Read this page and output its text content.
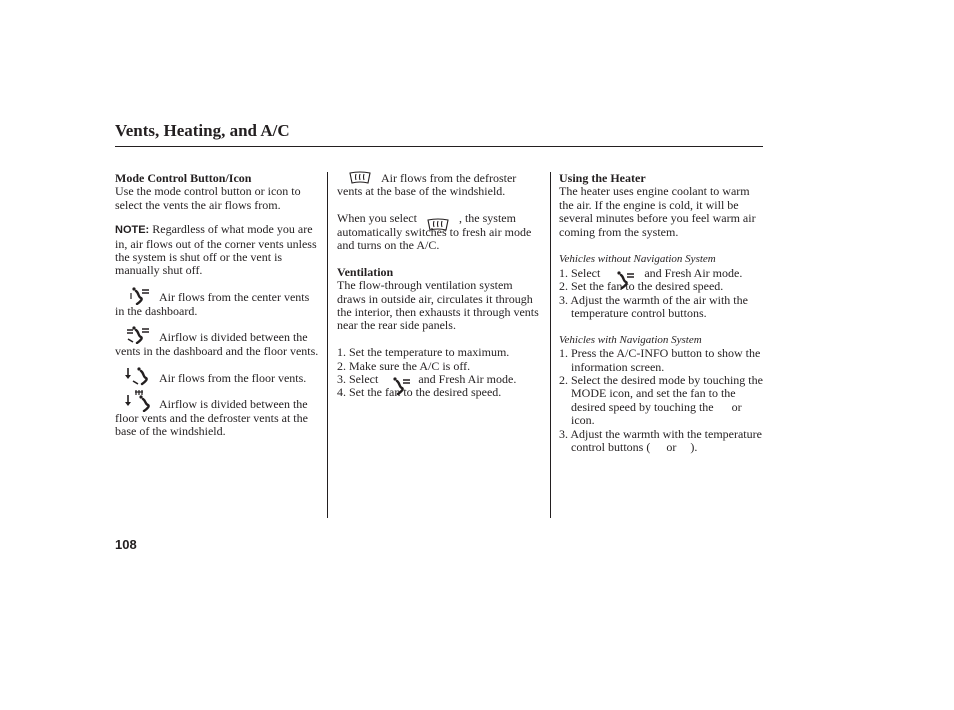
Vents, Heating, and A/C

Mode Control Button/Icon

Use the mode control button or icon to select the vents the air flows from.

NOTE: Regardless of what mode you are in, air flows out of the corner vents unless the system is shut off or the vent is manually shut off.

Air flows from the center vents in the dashboard.

Airflow is divided between the vents in the dashboard and the floor vents.

Air flows from the floor vents.

Airflow is divided between the floor vents and the defroster vents at the base of the windshield.

Air flows from the defroster vents at the base of the windshield.

When you select	, the system automatically switches to fresh air mode and turns on the A/C.

Ventilation

The flow-through ventilation system draws in outside air, circulates it through the interior, then exhausts it through vents near the rear side panels.

1. Set the temperature to maximum.

2. Make sure the A/C is off.

3. Select	and Fresh Air mode.

4. Set the fan to the desired speed.

Using the Heater

The heater uses engine coolant to warm the air. If the engine is cold, it will be several minutes before you feel warm air coming from the system.

Vehicles without Navigation System

1. Select	and Fresh Air mode.

2. Set the fan to the desired speed.

3. Adjust the warmth of the air with the temperature control buttons.

Vehicles with Navigation System

1. Press the A/C-INFO button to show the information screen.

2. Select the desired mode by touching the MODE icon, and set the fan to the desired speed by touching the oricon.

3. Adjust the warmth with the temperature control buttons ( or ).

108
